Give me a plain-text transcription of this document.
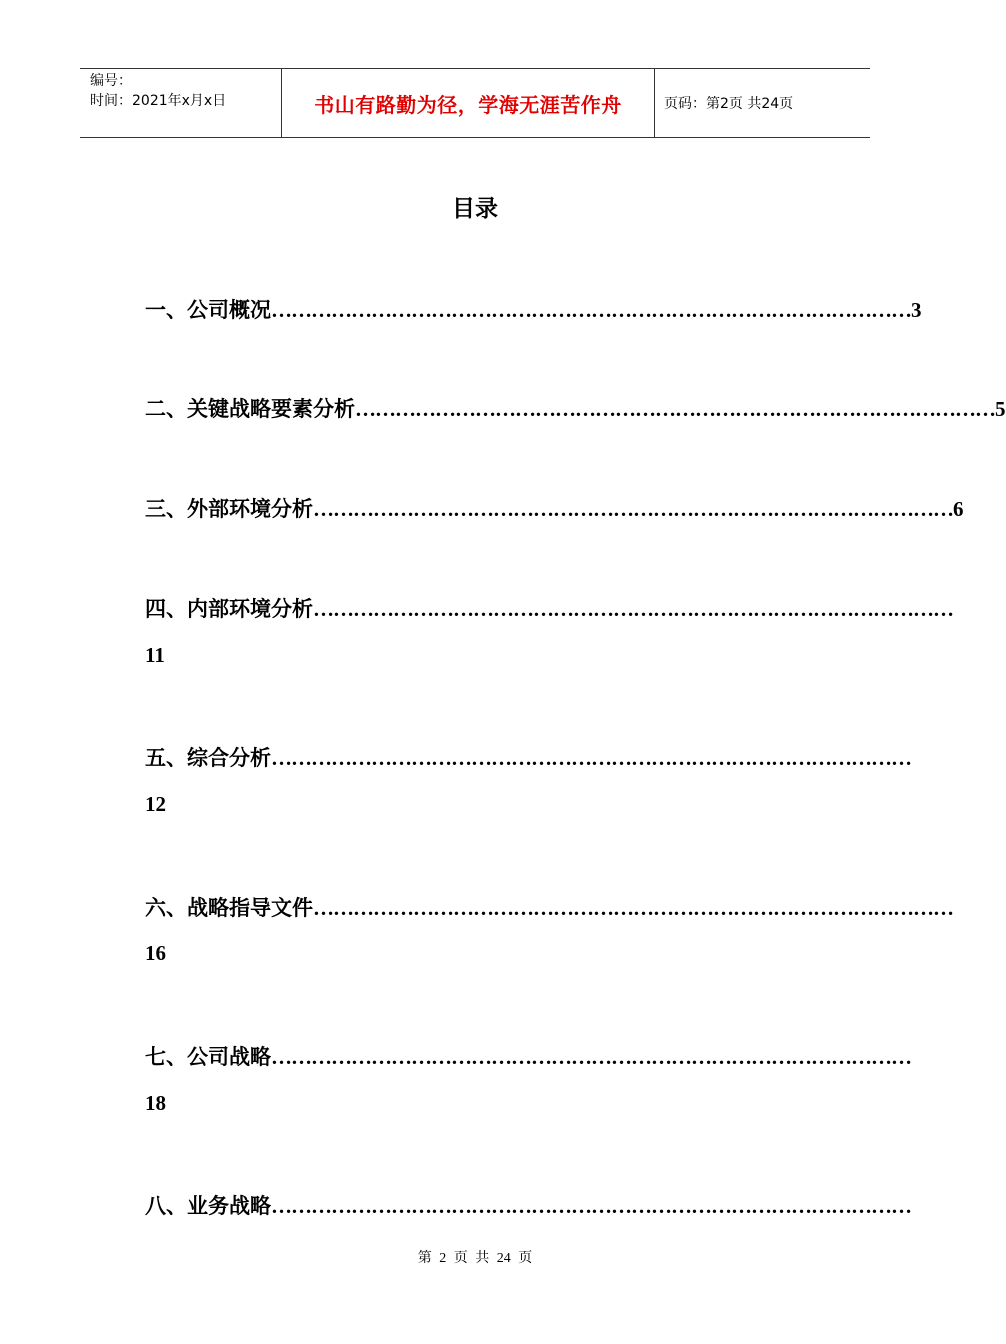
编号：
时间：2021年x月x日	书山有路勤为径，学海无涯苦作舟	页码：第2页 共24页
目录
一、公司概况 …………………………………………………………………………………… 3
二、关键战略要素分析 …………………………………………………………………………………… 5
三、外部环境分析 …………………………………………………………………………………… 6
四、内部环境分析 ……………………………………………………………………………………
11
五、综合分析 ……………………………………………………………………………………
12
六、战略指导文件 ……………………………………………………………………………………
16
七、公司战略 ……………………………………………………………………………………
18
八、业务战略 ……………………………………………………………………………………
第 2 页 共 24 页
